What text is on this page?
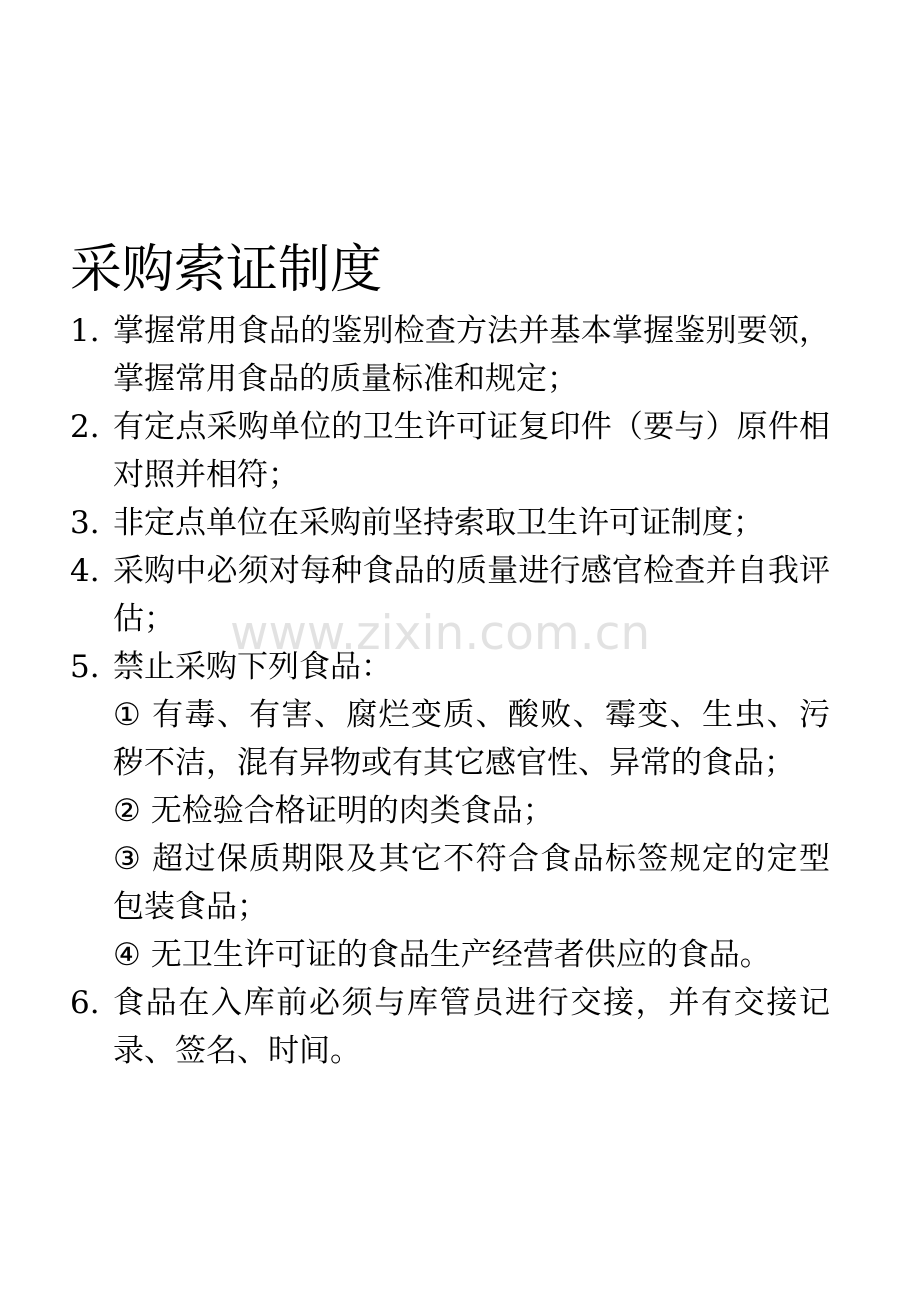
采购索证制度
1. 掌握常用食品的鉴别检查方法并基本掌握鉴别要领，掌握常用食品的质量标准和规定；
2. 有定点采购单位的卫生许可证复印件（要与）原件相对照并相符；
3. 非定点单位在采购前坚持索取卫生许可证制度；
4. 采购中必须对每种食品的质量进行感官检查并自我评估；
5. 禁止采购下列食品：
① 有毒、有害、腐烂变质、酸败、霉变、生虫、污秽不洁，混有异物或有其它感官性、异常的食品；
② 无检验合格证明的肉类食品；
③ 超过保质期限及其它不符合食品标签规定的定型包装食品；
④ 无卫生许可证的食品生产经营者供应的食品。
6. 食品在入库前必须与库管员进行交接，并有交接记录、签名、时间。
www.zixin.com.cn
